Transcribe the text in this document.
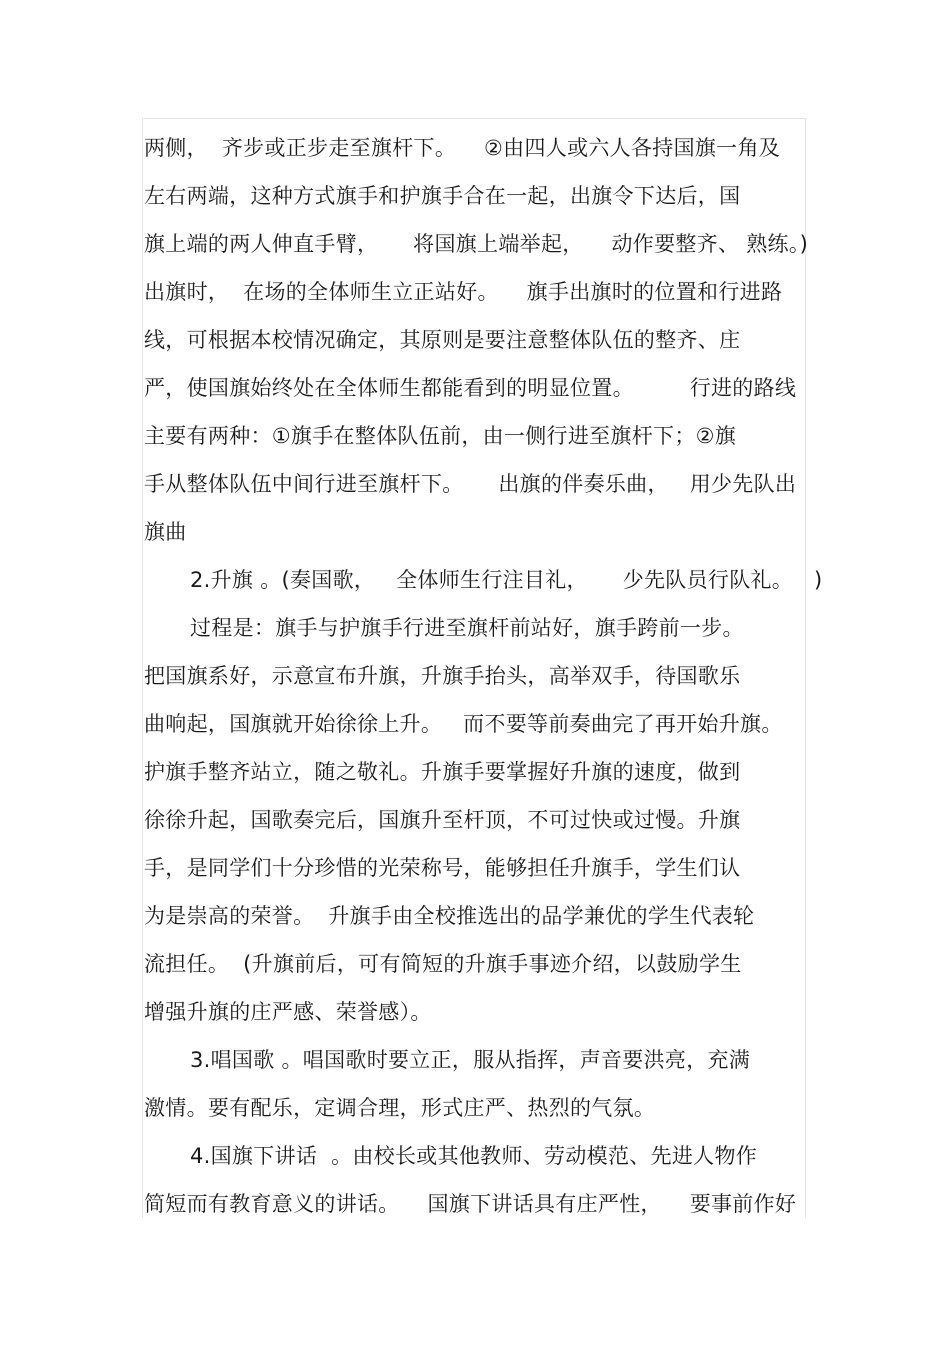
两侧，  齐步或正步走至旗杆下。    ②由四人或六人各持国旗一角及
左右两端，这种方式旗手和护旗手合在一起，出旗令下达后，国
旗上端的两人伸直手臂，     将国旗上端举起，    动作要整齐、 熟练。)
出旗时，  在场的全体师生立正站好。    旗手出旗时的位置和行进路
线，可根据本校情况确定，其原则是要注意整体队伍的整齐、庄
严，使国旗始终处在全体师生都能看到的明显位置。        行进的路线
主要有两种：①旗手在整体队伍前，由一侧行进至旗杆下；②旗
手从整体队伍中间行进至旗杆下。     出旗的伴奏乐曲，   用少先队出
旗曲
2.升旗 。(奏国歌，   全体师生行注目礼，     少先队员行队礼。   )
过程是：旗手与护旗手行进至旗杆前站好，旗手跨前一步。
把国旗系好，示意宣布升旗，升旗手抬头，高举双手，待国歌乐
曲响起，国旗就开始徐徐上升。   而不要等前奏曲完了再开始升旗。
护旗手整齐站立，随之敬礼。升旗手要掌握好升旗的速度，做到
徐徐升起，国歌奏完后，国旗升至杆顶，不可过快或过慢。升旗
手，是同学们十分珍惜的光荣称号，能够担任升旗手，学生们认
为是崇高的荣誉。  升旗手由全校推选出的品学兼优的学生代表轮
流担任。  (升旗前后，可有简短的升旗手事迹介绍，以鼓励学生
增强升旗的庄严感、荣誉感）。
3.唱国歌 。唱国歌时要立正，服从指挥，声音要洪亮，充满
激情。要有配乐，定调合理，形式庄严、热烈的气氛。
4.国旗下讲话  。由校长或其他教师、劳动模范、先进人物作
简短而有教育意义的讲话。    国旗下讲话具有庄严性，    要事前作好
